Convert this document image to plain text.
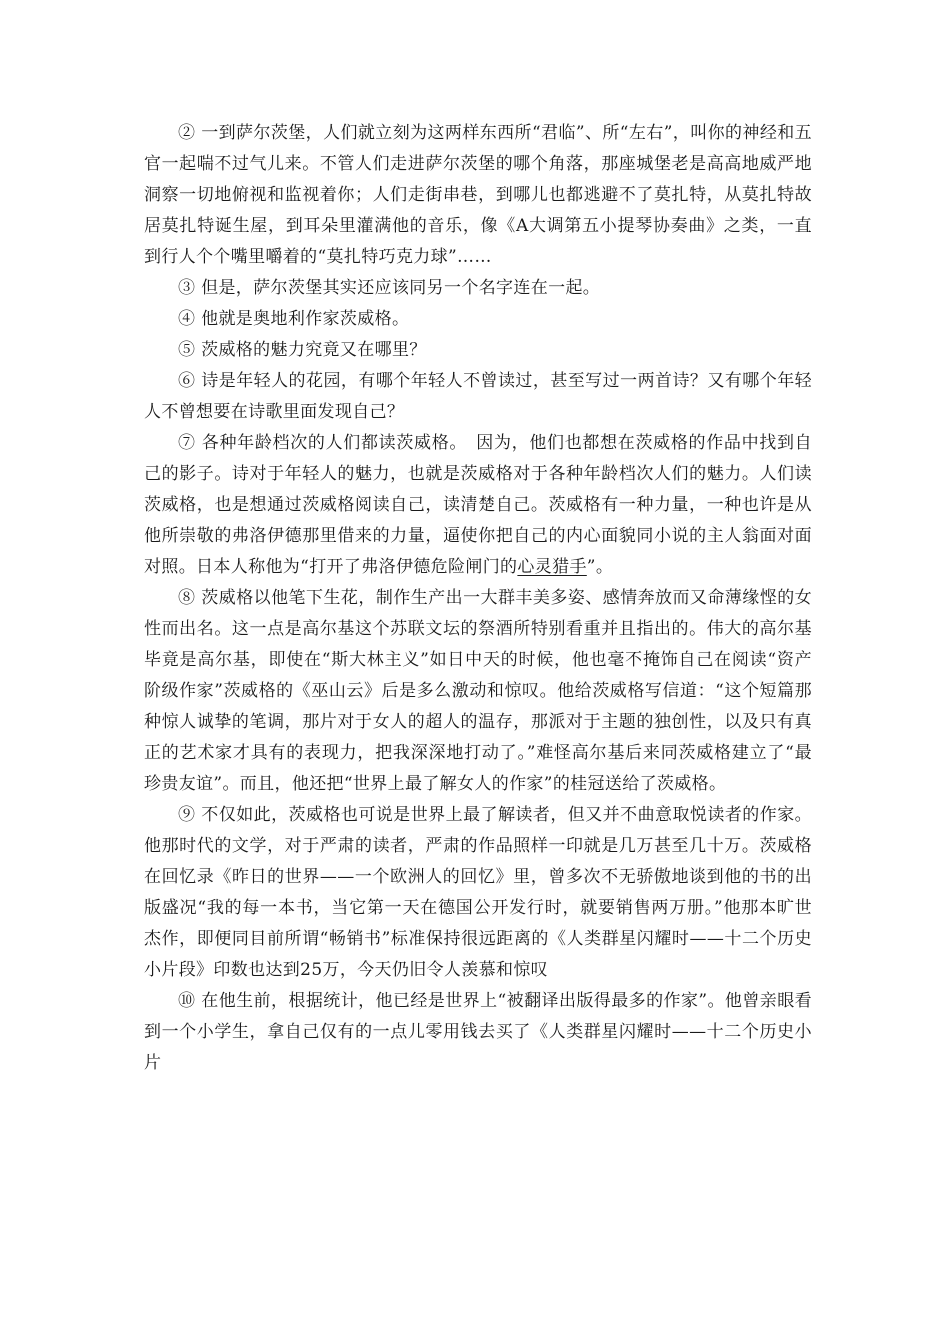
② 一到萨尔茨堡，人们就立刻为这两样东西所“君临”、所“左右”，叫你的神经和五官一起喘不过气儿来。不管人们走进萨尔茨堡的哪个角落，那座城堡老是高高地威严地洞察一切地俯视和监视着你；人们走街串巷，到哪儿也都逃避不了莫扎特，从莫扎特故居莫扎特诞生屋，到耳朵里灌满他的音乐，像《A大调第五小提琴协奏曲》之类，一直到行人个个嘴里嚼着的“莫扎特巧克力球”……

③ 但是，萨尔茨堡其实还应该同另一个名字连在一起。

④ 他就是奥地利作家茨威格。

⑤ 茨威格的魅力究竟又在哪里？

⑥ 诗是年轻人的花园，有哪个年轻人不曾读过，甚至写过一两首诗？又有哪个年轻人不曾想要在诗歌里面发现自己？

⑦ 各种年龄档次的人们都读茨威格。　因为，他们也都想在茨威格的作品中找到自己的影子。诗对于年轻人的魅力，也就是茨威格对于各种年龄档次人们的魅力。人们读茨威格，也是想通过茨威格阅读自己，读清楚自己。茨威格有一种力量，一种也许是从他所崇敬的弗洛伊德那里借来的力量，逼使你把自己的内心面貌同小说的主人翁面对面对照。日本人称他为“打开了弗洛伊德危险闸门的心灵猎手”。

⑧ 茨威格以他笔下生花，制作生产出一大群丰美多姿、感情奔放而又命薄缘悭的女性而出名。这一点是高尔基这个苏联文坛的祭酒所特别看重并且指出的。伟大的高尔基毕竟是高尔基，即使在“斯大林主义”如日中天的时候，他也毫不掩饰自己在阅读“资产阶级作家”茨威格的《巫山云》后是多么激动和惊叹。他给茨威格写信道：“这个短篇那种惊人诚挚的笔调，那片对于女人的超人的温存，那派对于主题的独创性，以及只有真正的艺术家才具有的表现力，把我深深地打动了。”难怪高尔基后来同茨威格建立了“最珍贵友谊”。而且，他还把“世界上最了解女人的作家”的桂冠送给了茨威格。

⑨ 不仅如此，茨威格也可说是世界上最了解读者，但又并不曲意取悦读者的作家。他那时代的文学，对于严肃的读者，严肃的作品照样一印就是几万甚至几十万。茨威格在回忆录《昨日的世界——一个欧洲人的回忆》里，曾多次不无骄傲地谈到他的书的出版盛况“我的每一本书，当它第一天在德国公开发行时，就要销售两万册。”他那本旷世杰作，即便同目前所谓“畅销书”标准保持很远距离的《人类群星闪耀时——十二个历史小片段》印数也达到25万，今天仍旧令人羡慕和惊叹

⑩ 在他生前，根据统计，他已经是世界上“被翻译出版得最多的作家”。他曾亲眼看到一个小学生，拿自己仅有的一点儿零用钱去买了《人类群星闪耀时——十二个历史小片
